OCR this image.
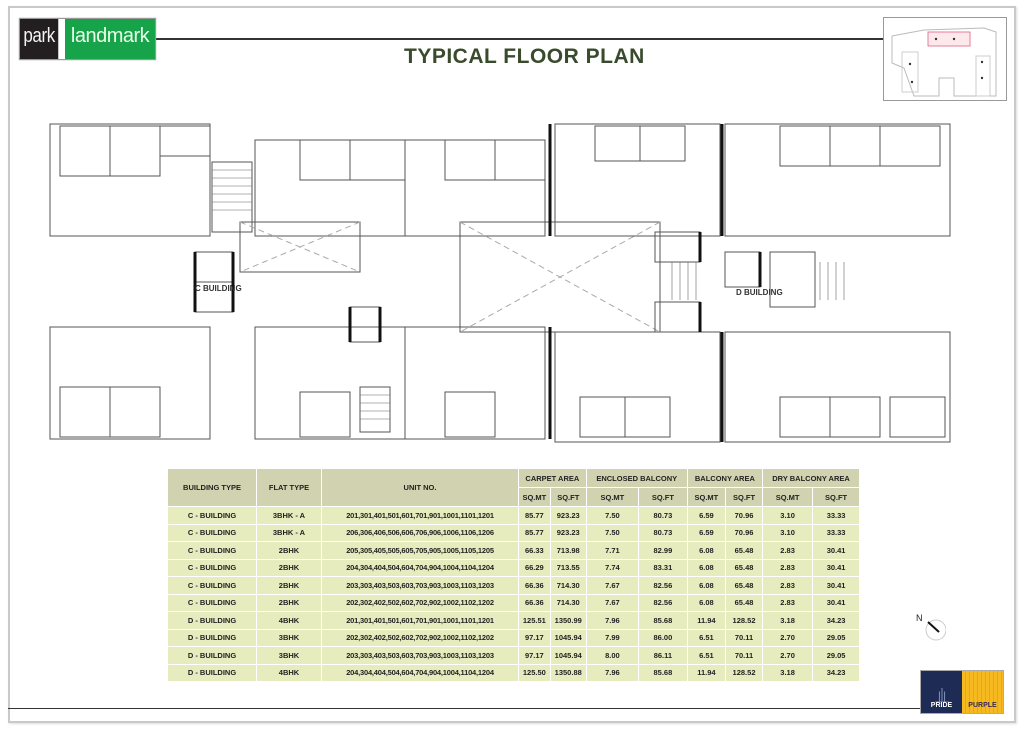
park landmark
TYPICAL FLOOR PLAN
C BUILDING	D BUILDING
BUILDING TYPE	FLAT TYPE	UNIT NO.	CARPET AREA		ENCLOSED BALCONY		BALCONY AREA		DRY BALCONY AREA	
			SQ.MT	SQ.FT	SQ.MT	SQ.FT	SQ.MT	SQ.FT	SQ.MT	SQ.FT
C - BUILDING	3BHK - A	201,301,401,501,601,701,901,1001,1101,1201	85.77	923.23	7.50	80.73	6.59	70.96	3.10	33.33
C - BUILDING	3BHK - A	206,306,406,506,606,706,906,1006,1106,1206	85.77	923.23	7.50	80.73	6.59	70.96	3.10	33.33
C - BUILDING	2BHK	205,305,405,505,605,705,905,1005,1105,1205	66.33	713.98	7.71	82.99	6.08	65.48	2.83	30.41
C - BUILDING	2BHK	204,304,404,504,604,704,904,1004,1104,1204	66.29	713.55	7.74	83.31	6.08	65.48	2.83	30.41
C - BUILDING	2BHK	203,303,403,503,603,703,903,1003,1103,1203	66.36	714.30	7.67	82.56	6.08	65.48	2.83	30.41
C - BUILDING	2BHK	202,302,402,502,602,702,902,1002,1102,1202	66.36	714.30	7.67	82.56	6.08	65.48	2.83	30.41
D - BUILDING	4BHK	201,301,401,501,601,701,901,1001,1101,1201	125.51	1350.99	7.96	85.68	11.94	128.52	3.18	34.23
D - BUILDING	3BHK	202,302,402,502,602,702,902,1002,1102,1202	97.17	1045.94	7.99	86.00	6.51	70.11	2.70	29.05
D - BUILDING	3BHK	203,303,403,503,603,703,903,1003,1103,1203	97.17	1045.94	8.00	86.11	6.51	70.11	2.70	29.05
D - BUILDING	4BHK	204,304,404,504,604,704,904,1004,1104,1204	125.50	1350.88	7.96	85.68	11.94	128.52	3.18	34.23
N
PRIDE PURPLE
